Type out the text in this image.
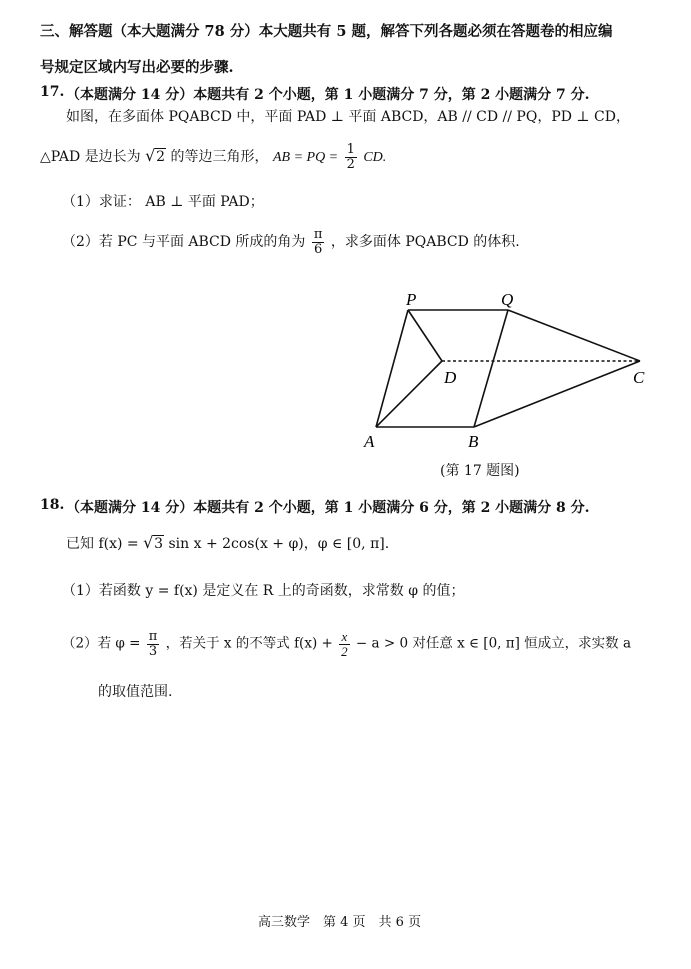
三、解答题（本大题满分 78 分）本大题共有 5 题，解答下列各题必须在答题卷的相应编
号规定区域内写出必要的步骤.
17. （本题满分 14 分）本题共有 2 个小题，第 1 小题满分 7 分，第 2 小题满分 7 分.
如图，在多面体 PQABCD 中，平面 PAD ⊥ 平面 ABCD，AB // CD // PQ，PD ⊥ CD，
△PAD 是边长为 √ 2 的等边三角形， AB = PQ = $\frac{1}{2}$ CD.
（1）求证： AB ⊥ 平面 PAD；
（2）若 PC 与平面 ABCD 所成的角为 $\frac{\pi}{6}$ ，求多面体 PQABCD 的体积.
P	Q
D	C
A	B
(第 17 题图)
18. （本题满分 14 分）本题共有 2 个小题，第 1 小题满分 6 分，第 2 小题满分 8 分.
已知 f(x) = √ 3 sin x + 2cos(x + φ)，φ ∈ [0, π].
（1）若函数 y = f(x) 是定义在 R 上的奇函数，求常数 φ 的值；
（2）若 $\varphi = \frac{\pi}{3}$ ，若关于 x 的不等式 $f(x) + \frac{x}{2} - a > 0$ 对任意 x ∈ [0, π] 恒成立，求实数 a
的取值范围.
高三数学　第 4 页　共 6 页
